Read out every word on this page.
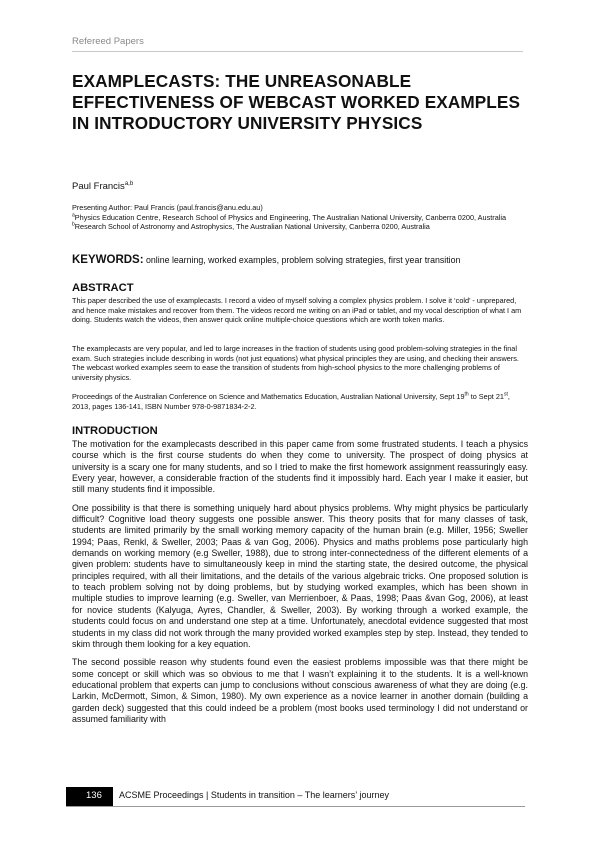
Refereed Papers
EXAMPLECASTS: THE UNREASONABLE EFFECTIVENESS OF WEBCAST WORKED EXAMPLES IN INTRODUCTORY UNIVERSITY PHYSICS
Paul Francis$^{a,b}$
Presenting Author: Paul Francis (paul.francis@anu.edu.au)
$^a$Physics Education Centre, Research School of Physics and Engineering, The Australian National University, Canberra 0200, Australia
$^b$Research School of Astronomy and Astrophysics, The Australian National University, Canberra 0200, Australia
KEYWORDS: online learning, worked examples, problem solving strategies, first year transition
ABSTRACT
This paper described the use of examplecasts. I record a video of myself solving a complex physics problem. I solve it ‘cold’ - unprepared, and hence make mistakes and recover from them. The videos record me writing on an iPad or tablet, and my vocal description of what I am doing. Students watch the videos, then answer quick online multiple-choice questions which are worth token marks.
The examplecasts are very popular, and led to large increases in the fraction of students using good problem-solving strategies in the final exam. Such strategies include describing in words (not just equations) what physical principles they are using, and checking their answers. The webcast worked examples seem to ease the transition of students from high-school physics to the more challenging problems of university physics.
Proceedings of the Australian Conference on Science and Mathematics Education, Australian National University, Sept 19th to Sept 21st, 2013, pages 136-141, ISBN Number 978-0-9871834-2-2.
INTRODUCTION

The motivation for the examplecasts described in this paper came from some frustrated students. I teach a physics course which is the first course students do when they come to university. The prospect of doing physics at university is a scary one for many students, and so I tried to make the first homework assignment reassuringly easy. Every year, however, a considerable fraction of the students find it impossibly hard. Each year I make it easier, but still many students find it impossible.

One possibility is that there is something uniquely hard about physics problems. Why might physics be particularly difficult? Cognitive load theory suggests one possible answer. This theory posits that for many classes of task, students are limited primarily by the small working memory capacity of the human brain (e.g. Miller, 1956; Sweller 1994; Paas, Renkl, & Sweller, 2003; Paas & van Gog, 2006). Physics and maths problems pose particularly high demands on working memory (e.g Sweller, 1988), due to strong inter-connectedness of the different elements of a given problem: students have to simultaneously keep in mind the starting state, the desired outcome, the physical principles required, with all their limitations, and the details of the various algebraic tricks. One proposed solution is to teach problem solving not by doing problems, but by studying worked examples, which has been shown in multiple studies to improve learning (e.g. Sweller, van Merrienboer, & Paas, 1998; Paas &van Gog, 2006), at least for novice students (Kalyuga, Ayres, Chandler, & Sweller, 2003). By working through a worked example, the students could focus on and understand one step at a time. Unfortunately, anecdotal evidence suggested that most students in my class did not work through the many provided worked examples step by step. Instead, they tended to skim through them looking for a key equation.

The second possible reason why students found even the easiest problems impossible was that there might be some concept or skill which was so obvious to me that I wasn’t explaining it to the students. It is a well-known educational problem that experts can jump to conclusions without conscious awareness of what they are doing (e.g. Larkin, McDermott, Simon, & Simon, 1980). My own experience as a novice learner in another domain (building a garden deck) suggested that this could indeed be a problem (most books used terminology I did not understand or assumed familiarity with

136 ACSME Proceedings | Students in transition – The learners’ journey
